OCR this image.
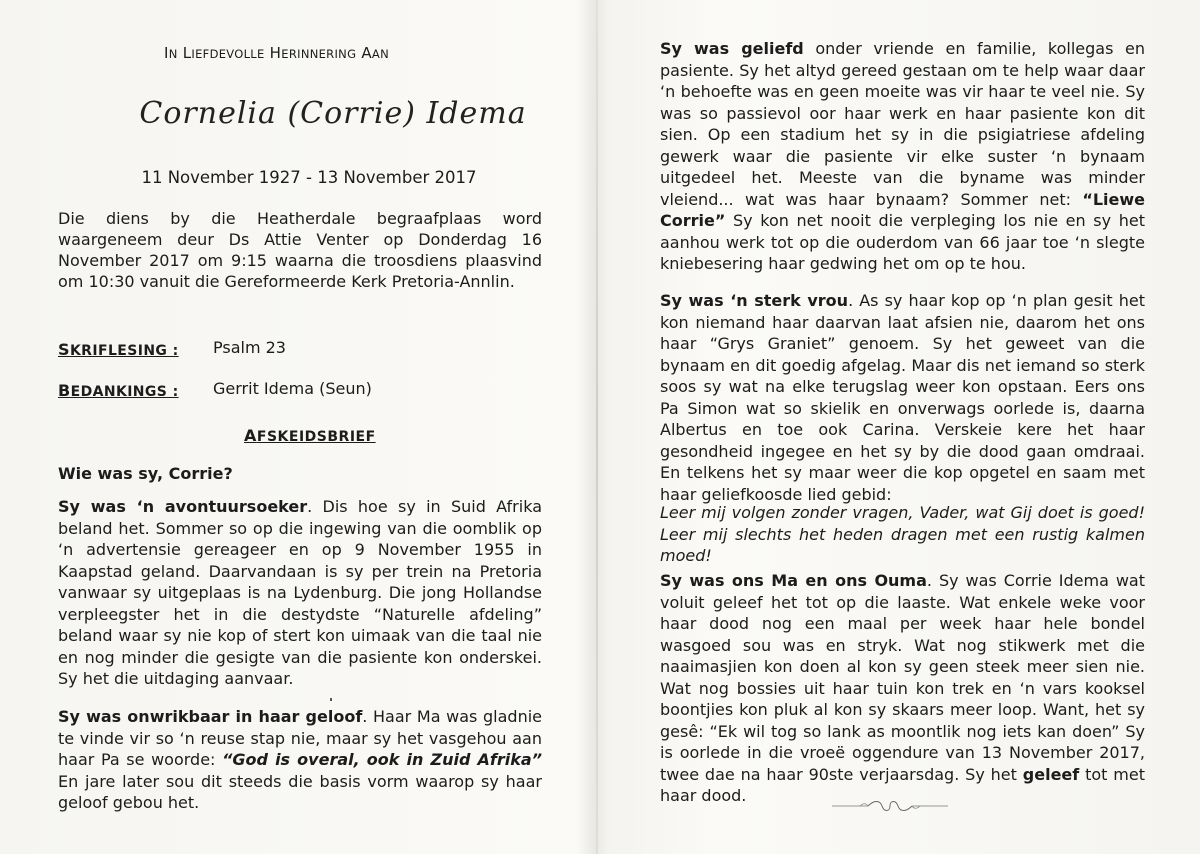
IN LIEFDEVOLLE HERINNERING AAN
Cornelia (Corrie) Idema
11 November 1927 - 13 November 2017
Die diens by die Heatherdale begraafplaas word waargeneem deur Ds Attie Venter op Donderdag 16 November 2017 om 9:15 waarna die troosdiens plaasvind om 10:30 vanuit die Gereformeerde Kerk Pretoria-Annlin.
SKRIFLESING : Psalm 23
BEDANKINGS : Gerrit Idema (Seun)
AFSKEIDSBRIEF
Wie was sy, Corrie?
Sy was ‘n avontuursoeker. Dis hoe sy in Suid Afrika beland het. Sommer so op die ingewing van die oomblik op ‘n advertensie gereageer en op 9 November 1955 in Kaapstad geland. Daarvandaan is sy per trein na Pretoria vanwaar sy uitgeplaas is na Lydenburg. Die jong Hollandse verpleegster het in die destydste “Naturelle afdeling” beland waar sy nie kop of stert kon uimaak van die taal nie en nog minder die gesigte van die pasiente kon onderskei. Sy het die uitdaging aanvaar.
Sy was onwrikbaar in haar geloof. Haar Ma was gladnie te vinde vir so ‘n reuse stap nie, maar sy het vasgehou aan haar Pa se woorde: “God is overal, ook in Zuid Afrika” En jare later sou dit steeds die basis vorm waarop sy haar geloof gebou het.
Sy was geliefd onder vriende en familie, kollegas en pasiente. Sy het altyd gereed gestaan om te help waar daar ‘n behoefte was en geen moeite was vir haar te veel nie. Sy was so passievol oor haar werk en haar pasiente kon dit sien. Op een stadium het sy in die psigiatriese afdeling gewerk waar die pasiente vir elke suster ‘n bynaam uitgedeel het. Meeste van die byname was minder vleiend... wat was haar bynaam? Sommer net: “Liewe Corrie” Sy kon net nooit die verpleging los nie en sy het aanhou werk tot op die ouderdom van 66 jaar toe ‘n slegte kniebesering haar gedwing het om op te hou.
Sy was ‘n sterk vrou. As sy haar kop op ‘n plan gesit het kon niemand haar daarvan laat afsien nie, daarom het ons haar “Grys Graniet” genoem. Sy het geweet van die bynaam en dit goedig afgelag. Maar dis net iemand so sterk soos sy wat na elke terugslag weer kon opstaan. Eers ons Pa Simon wat so skielik en onverwags oorlede is, daarna Albertus en toe ook Carina. Verskeie kere het haar gesondheid ingegee en het sy by die dood gaan omdraai. En telkens het sy maar weer die kop opgetel en saam met haar geliefkoosde lied gebid:
Leer mij volgen zonder vragen, Vader, wat Gij doet is goed! Leer mij slechts het heden dragen met een rustig kalmen moed!
Sy was ons Ma en ons Ouma. Sy was Corrie Idema wat voluit geleef het tot op die laaste. Wat enkele weke voor haar dood nog een maal per week haar hele bondel wasgoed sou was en stryk. Wat nog stikwerk met die naaimasjien kon doen al kon sy geen steek meer sien nie. Wat nog bossies uit haar tuin kon trek en ‘n vars kooksel boontjies kon pluk al kon sy skaars meer loop. Want, het sy gesê: “Ek wil tog so lank as moontlik nog iets kan doen” Sy is oorlede in die vroeë oggendure van 13 November 2017, twee dae na haar 90ste verjaarsdag. Sy het geleef tot met haar dood.
